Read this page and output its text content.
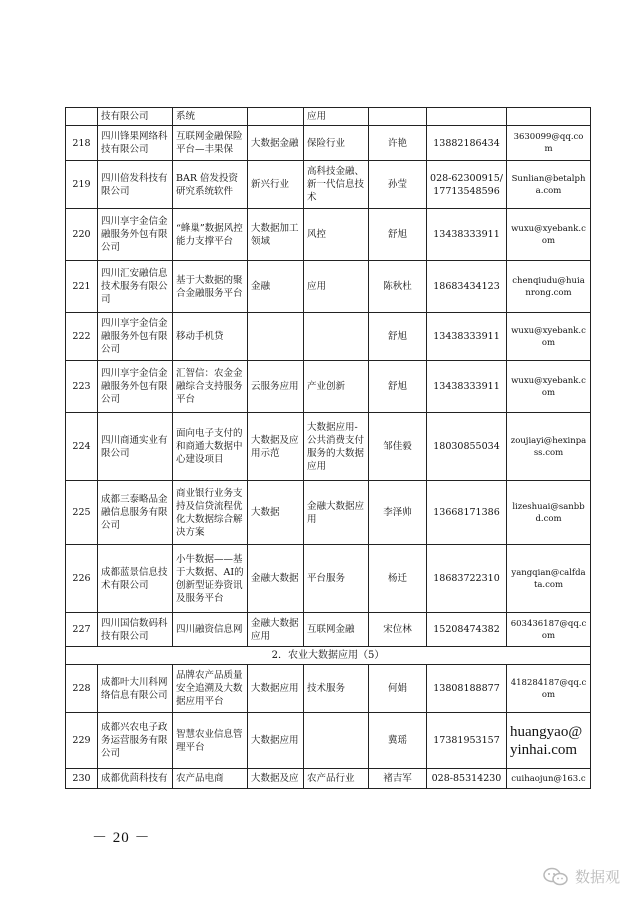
	技有限公司	系统		应用			
218	四川锋果网络科技有限公司	互联网金融保险平台—丰果保	大数据金融	保险行业	许艳	13882186434	3630099@qq.com
219	四川倍发科技有限公司	BAR 倍发投资研究系统软件	新兴行业	高科技金融、新一代信息技术	孙莹	028-62300915/17713548596	Sunlian@betalpha.com
220	四川享宇金信金融服务外包有限公司	“蜂巢”数据风控能力支撑平台	大数据加工领域	风控	舒旭	13438333911	wuxu@xyebank.com
221	四川汇安融信息技术服务有限公司	基于大数据的聚合金融服务平台	金融	应用	陈秋杜	18683434123	chenqiudu@huianrong.com
222	四川享宇金信金融服务外包有限公司	移动手机贷			舒旭	13438333911	wuxu@xyebank.com
223	四川享宇金信金融服务外包有限公司	汇智信：农金金融综合支持服务平台	云服务应用	产业创新	舒旭	13438333911	wuxu@xyebank.com
224	四川商通实业有限公司	面向电子支付的和商通大数据中心建设项目	大数据及应用示范	大数据应用-公共消费支付服务的大数据应用	邹佳毅	18030855034	zoujiayi@hexinpass.com
225	成都三泰略品金融信息服务有限公司	商业银行业务支持及信贷流程优化大数据综合解决方案	大数据	金融大数据应用	李泽帅	13668171386	lizeshuai@sanbbd.com
226	成都蓝景信息技术有限公司	小牛数据——基于大数据、AI的创新型证券资讯及服务平台	金融大数据	平台服务	杨迁	18683722310	yangqian@calfdata.com
227	四川国信数码科技有限公司	四川融资信息网	金融大数据应用	互联网金融	宋位林	15208474382	603436187@qq.com
2．农业大数据应用（5）							
228	成都叶大川科网络信息有限公司	品牌农产品质量安全追溯及大数据应用平台	大数据应用	技术服务	何娟	13808188877	418284187@qq.com
229	成都兴农电子政务运营服务有限公司	智慧农业信息管理平台	大数据应用		冀瑶	17381953157	huangyao@yinhai.com
230	成都优茴科技有	农产品电商	大数据及应	农产品行业	褚吉军	028-85314230	cuihaojun@163.c
－ 20 －
数据观
